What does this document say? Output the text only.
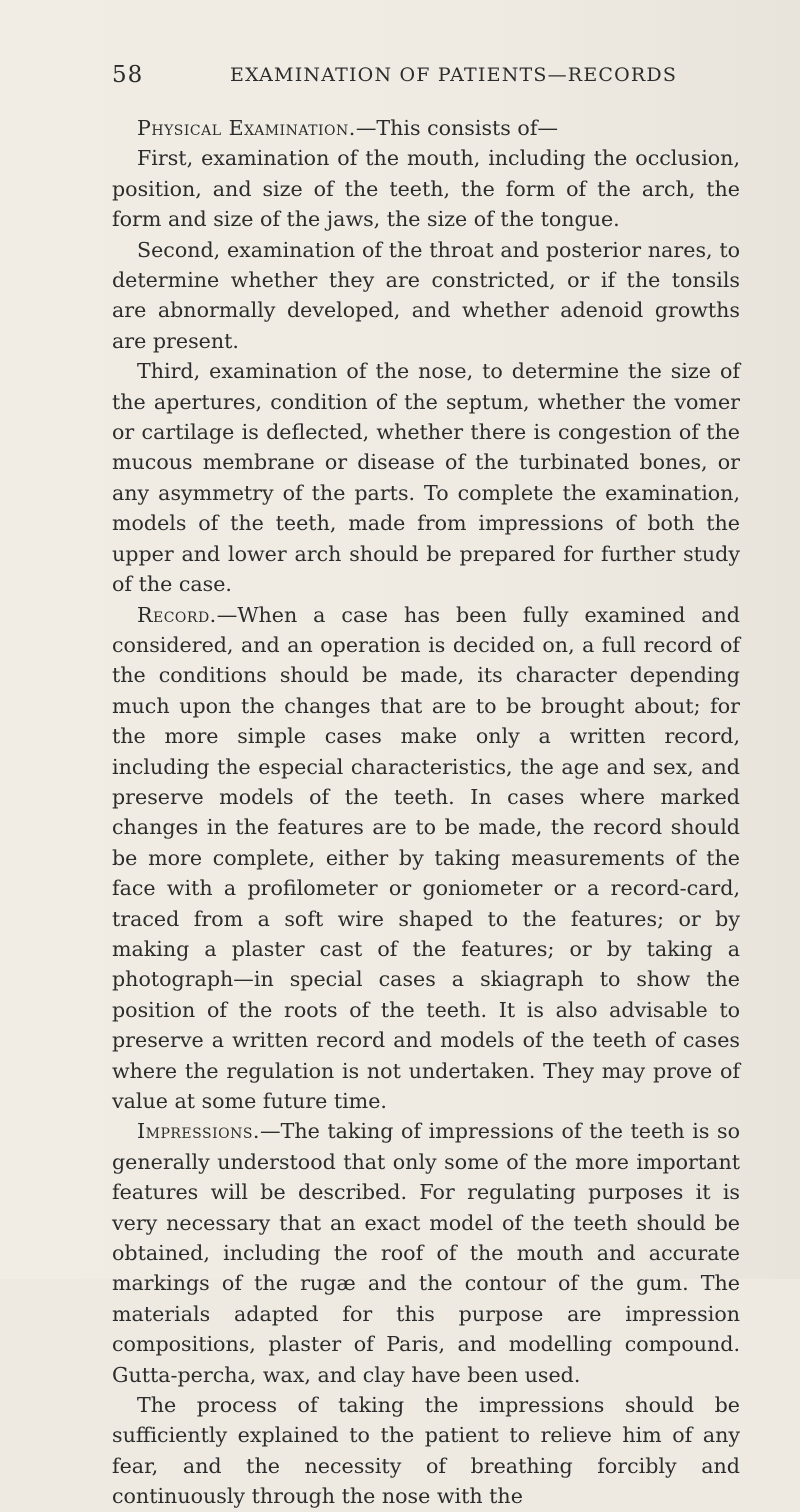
58	EXAMINATION OF PATIENTS—RECORDS

Physical Examination.—This consists of—

First, examination of the mouth, including the occlusion, position, and size of the teeth, the form of the arch, the form and size of the jaws, the size of the tongue.

Second, examination of the throat and posterior nares, to determine whether they are constricted, or if the tonsils are abnormally developed, and whether adenoid growths are present.

Third, examination of the nose, to determine the size of the apertures, condition of the septum, whether the vomer or cartilage is deflected, whether there is congestion of the mucous membrane or disease of the turbinated bones, or any asymmetry of the parts. To complete the examination, models of the teeth, made from impressions of both the upper and lower arch should be prepared for further study of the case.

Record.—When a case has been fully examined and considered, and an operation is decided on, a full record of the conditions should be made, its character depending much upon the changes that are to be brought about; for the more simple cases make only a written record, including the especial characteristics, the age and sex, and preserve models of the teeth. In cases where marked changes in the features are to be made, the record should be more complete, either by taking measurements of the face with a profilometer or goniometer or a record-card, traced from a soft wire shaped to the features; or by making a plaster cast of the features; or by taking a photograph—in special cases a skiagraph to show the position of the roots of the teeth. It is also advisable to preserve a written record and models of the teeth of cases where the regulation is not undertaken. They may prove of value at some future time.

Impressions.—The taking of impressions of the teeth is so generally understood that only some of the more important features will be described. For regulating purposes it is very necessary that an exact model of the teeth should be obtained, including the roof of the mouth and accurate markings of the rugæ and the contour of the gum. The materials adapted for this purpose are impression compositions, plaster of Paris, and modelling compound. Gutta-percha, wax, and clay have been used.

The process of taking the impressions should be sufficiently explained to the patient to relieve him of any fear, and the necessity of breathing forcibly and continuously through the nose with the
